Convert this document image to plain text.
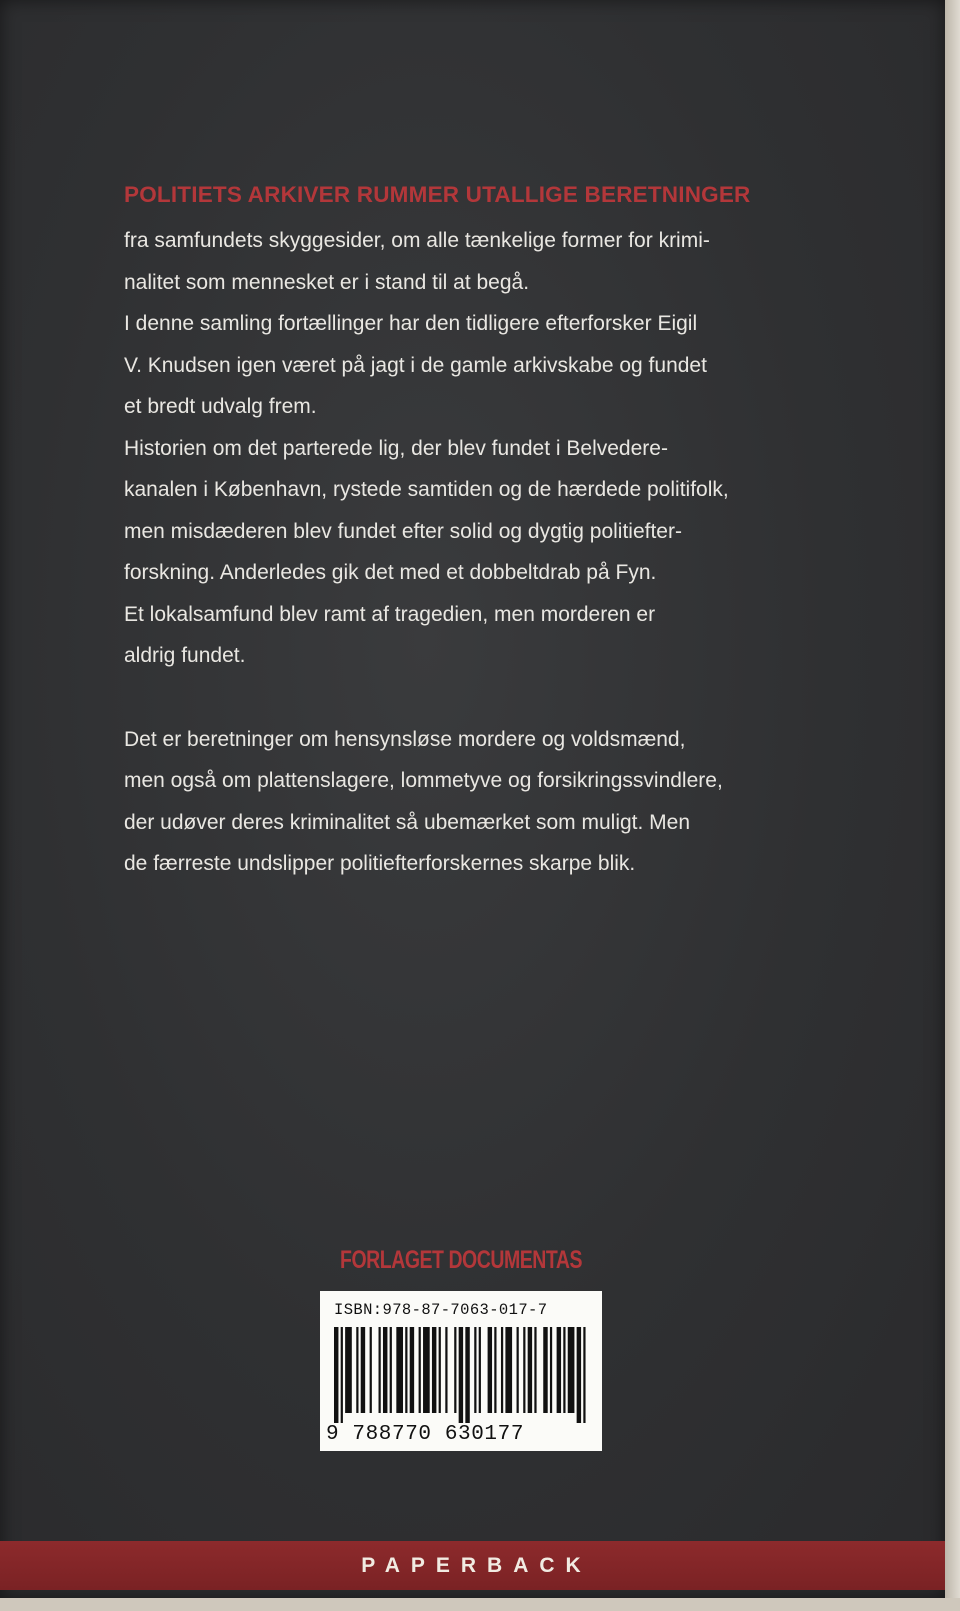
POLITIETS ARKIVER RUMMER UTALLIGE BERETNINGER

fra samfundets skyggesider, om alle tænkelige former for krimi-
nalitet som mennesket er i stand til at begå.
I denne samling fortællinger har den tidligere efterforsker Eigil
V. Knudsen igen været på jagt i de gamle arkivskabe og fundet
et bredt udvalg frem.
Historien om det parterede lig, der blev fundet i Belvedere-
kanalen i København, rystede samtiden og de hærdede politifolk,
men misdæderen blev fundet efter solid og dygtig politiefter-
forskning. Anderledes gik det med et dobbeltdrab på Fyn.
Et lokalsamfund blev ramt af tragedien, men morderen er
aldrig fundet.

Det er beretninger om hensynsløse mordere og voldsmænd,
men også om plattenslagere, lommetyve og forsikringssvindlere,
der udøver deres kriminalitet så ubemærket som muligt. Men
de færreste undslipper politiefterforskernes skarpe blik.

FORLAGET DOCUMENTAS
ISBN:978-87-7063-017-7
9 788770 630177
PAPERBACK
